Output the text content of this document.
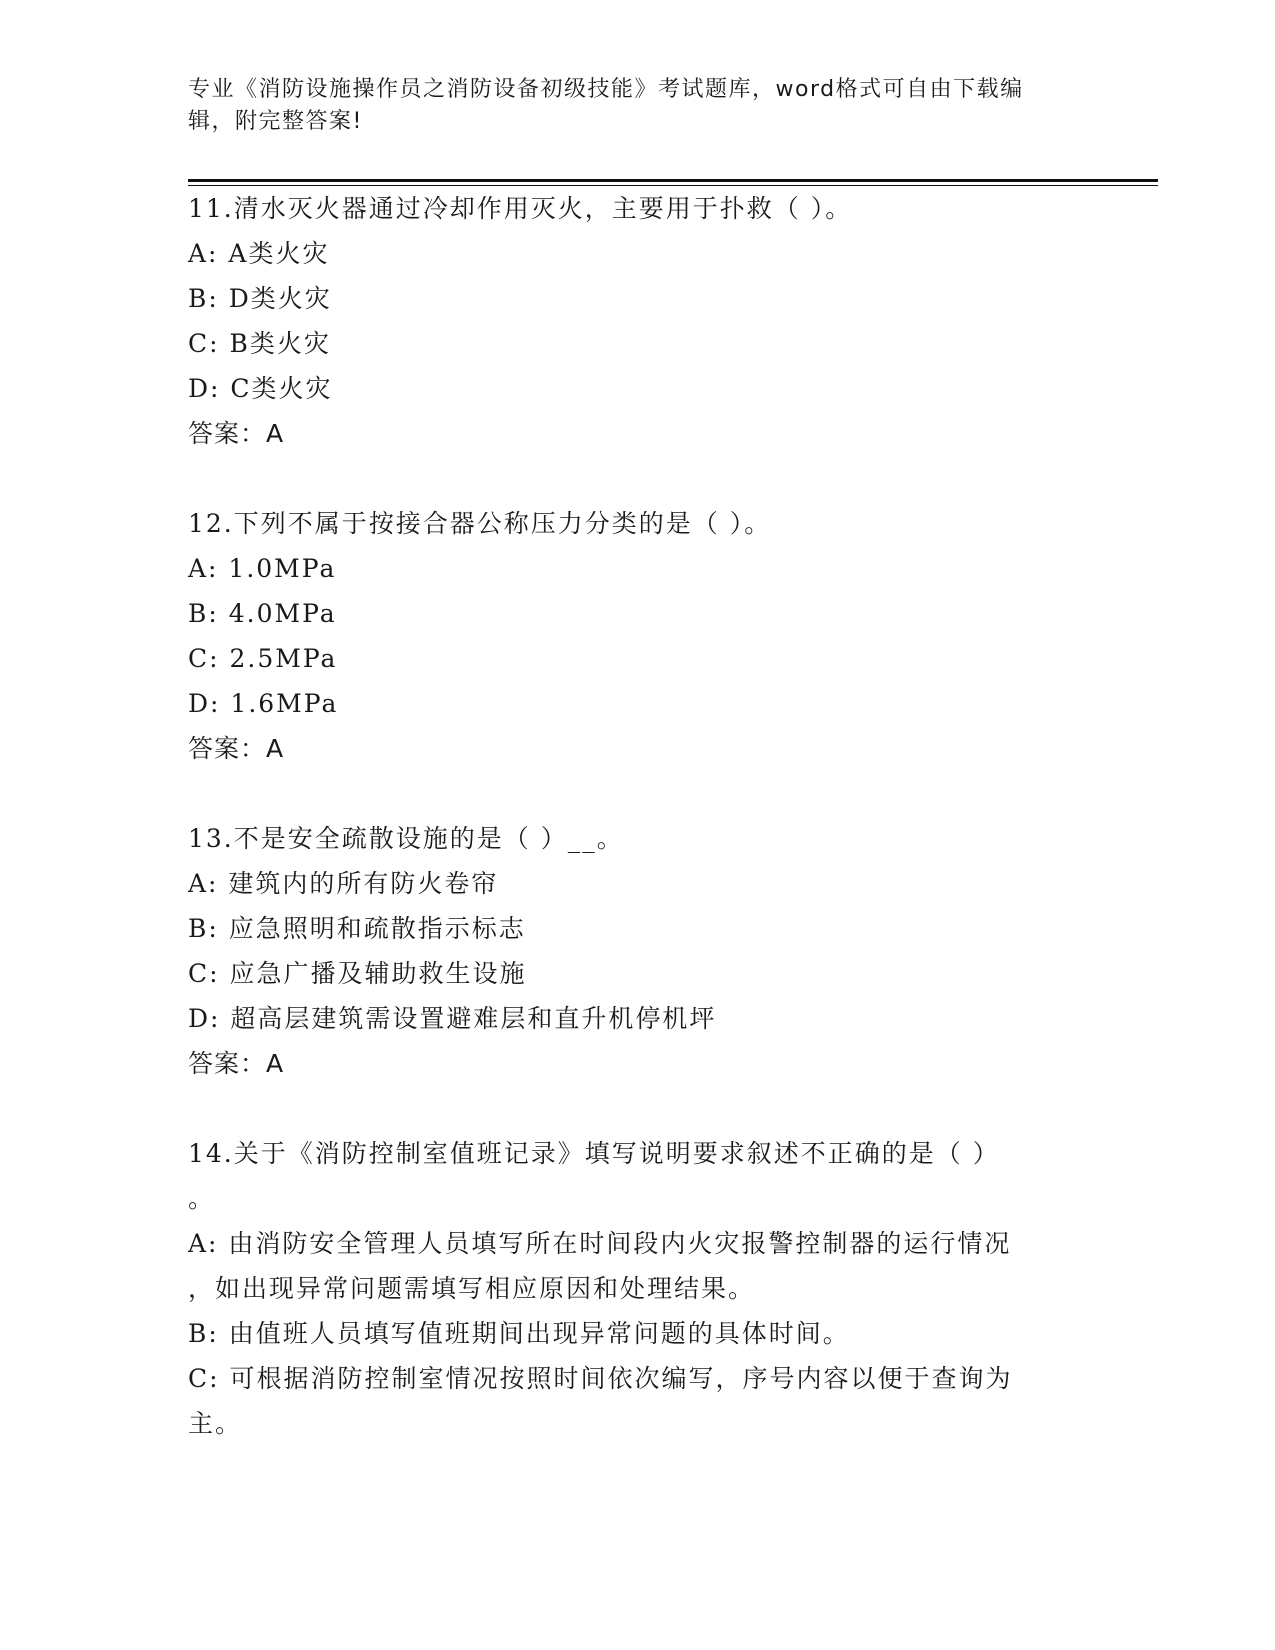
专业《消防设施操作员之消防设备初级技能》考试题库，word格式可自由下载编辑，附完整答案!
11.清水灭火器通过冷却作用灭火，主要用于扑救（ ）。
A: A类火灾
B: D类火灾
C: B类火灾
D: C类火灾
答案：A
12.下列不属于按接合器公称压力分类的是（ ）。
A: 1.0MPa
B: 4.0MPa
C: 2.5MPa
D: 1.6MPa
答案：A
13.不是安全疏散设施的是（ ）__。
A: 建筑内的所有防火卷帘
B: 应急照明和疏散指示标志
C: 应急广播及辅助救生设施
D: 超高层建筑需设置避难层和直升机停机坪
答案：A
14.关于《消防控制室值班记录》填写说明要求叙述不正确的是（ ）
。
A: 由消防安全管理人员填写所在时间段内火灾报警控制器的运行情况
，如出现异常问题需填写相应原因和处理结果。
B: 由值班人员填写值班期间出现异常问题的具体时间。
C: 可根据消防控制室情况按照时间依次编写，序号内容以便于查询为
主。
